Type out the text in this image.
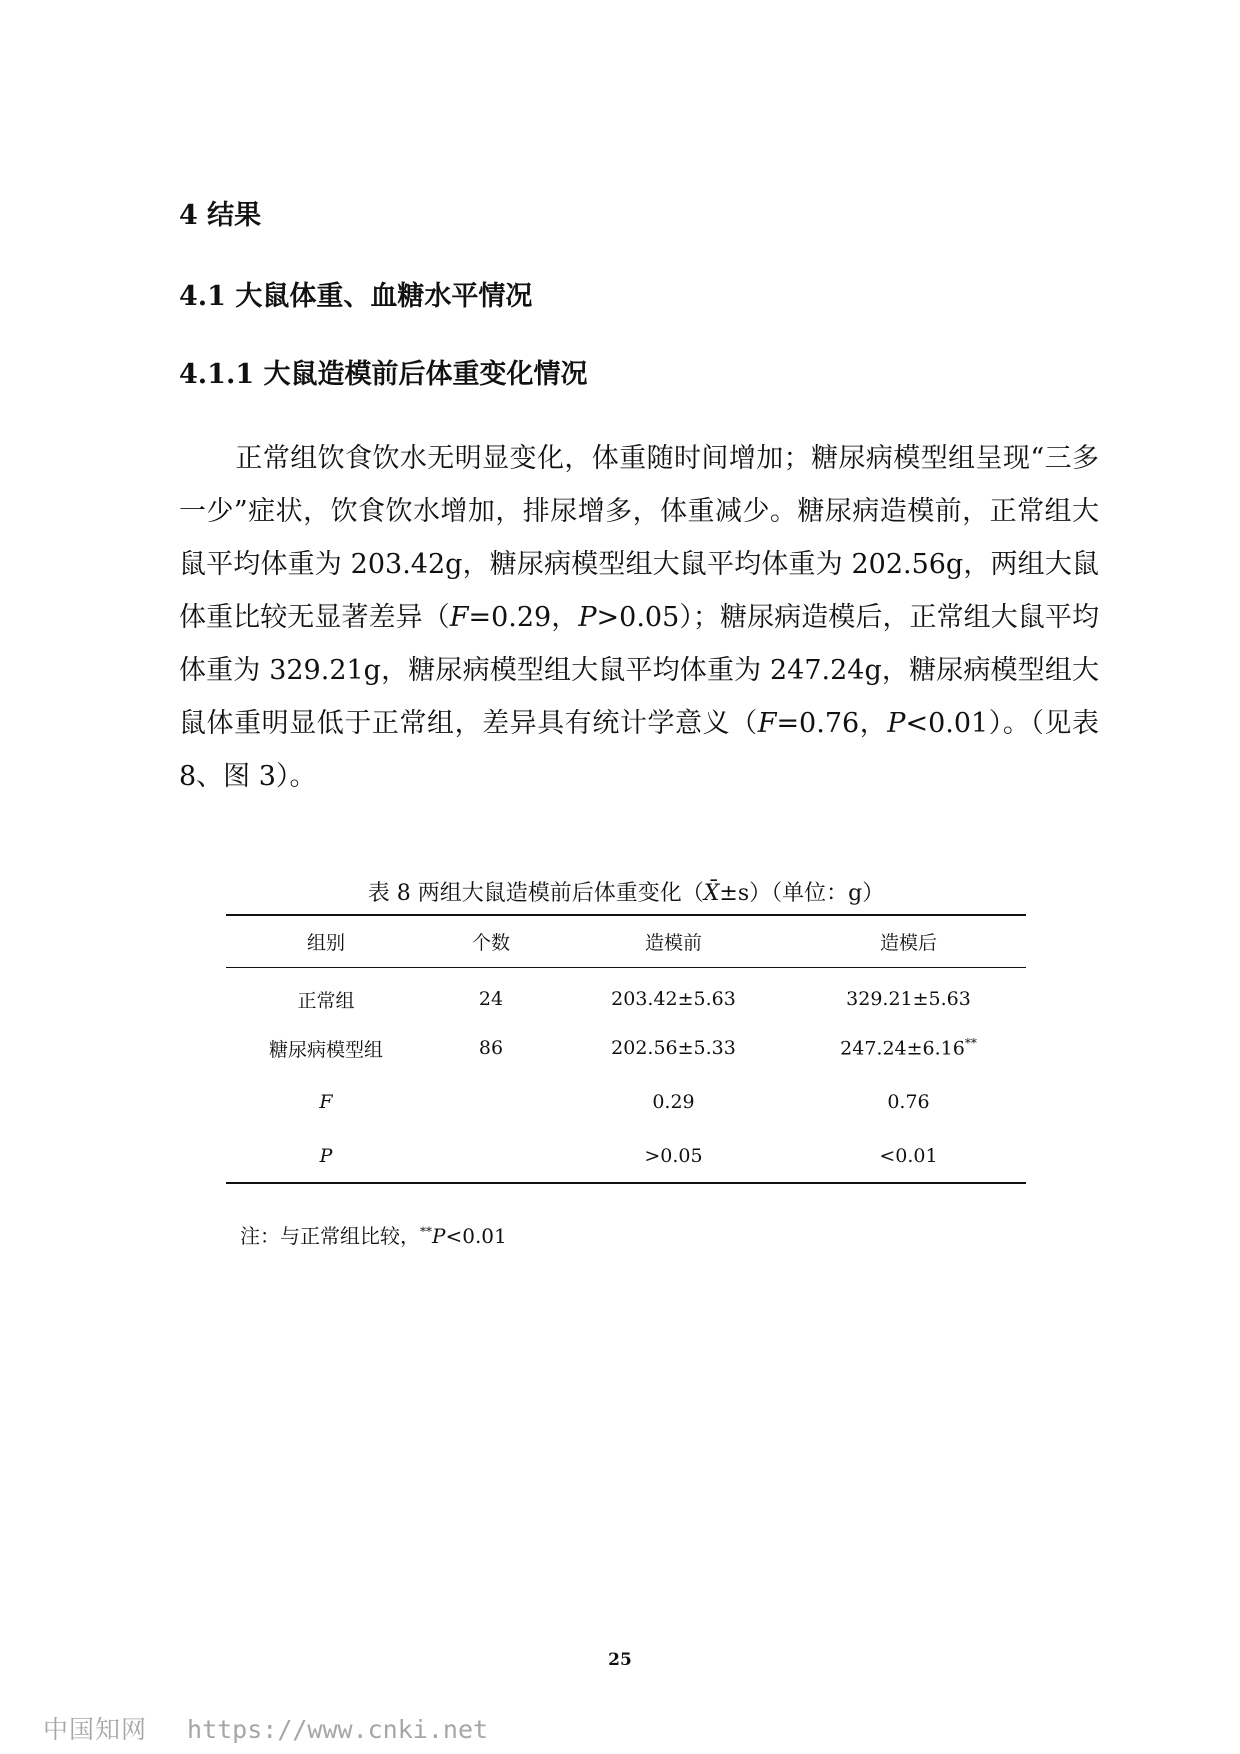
4 结果
4.1 大鼠体重、血糖水平情况
4.1.1 大鼠造模前后体重变化情况

正常组饮食饮水无明显变化，体重随时间增加；糖尿病模型组呈现“三多一少”症状，饮食饮水增加，排尿增多，体重减少。糖尿病造模前，正常组大鼠平均体重为 203.42g，糖尿病模型组大鼠平均体重为 202.56g，两组大鼠体重比较无显著差异（F=0.29，P>0.05）；糖尿病造模后，正常组大鼠平均体重为 329.21g，糖尿病模型组大鼠平均体重为 247.24g，糖尿病模型组大鼠体重明显低于正常组，差异具有统计学意义（F=0.76，P<0.01）。（见表 8、图 3）。

表 8 两组大鼠造模前后体重变化（X̄±s）（单位：g）
组别	个数	造模前	造模后
正常组	24	203.42±5.63	329.21±5.63
糖尿病模型组	86	202.56±5.33	247.24±6.16**
F		0.29	0.76
P		>0.05	<0.01
注：与正常组比较，**P<0.01
25
中国知网 https://www.cnki.net
